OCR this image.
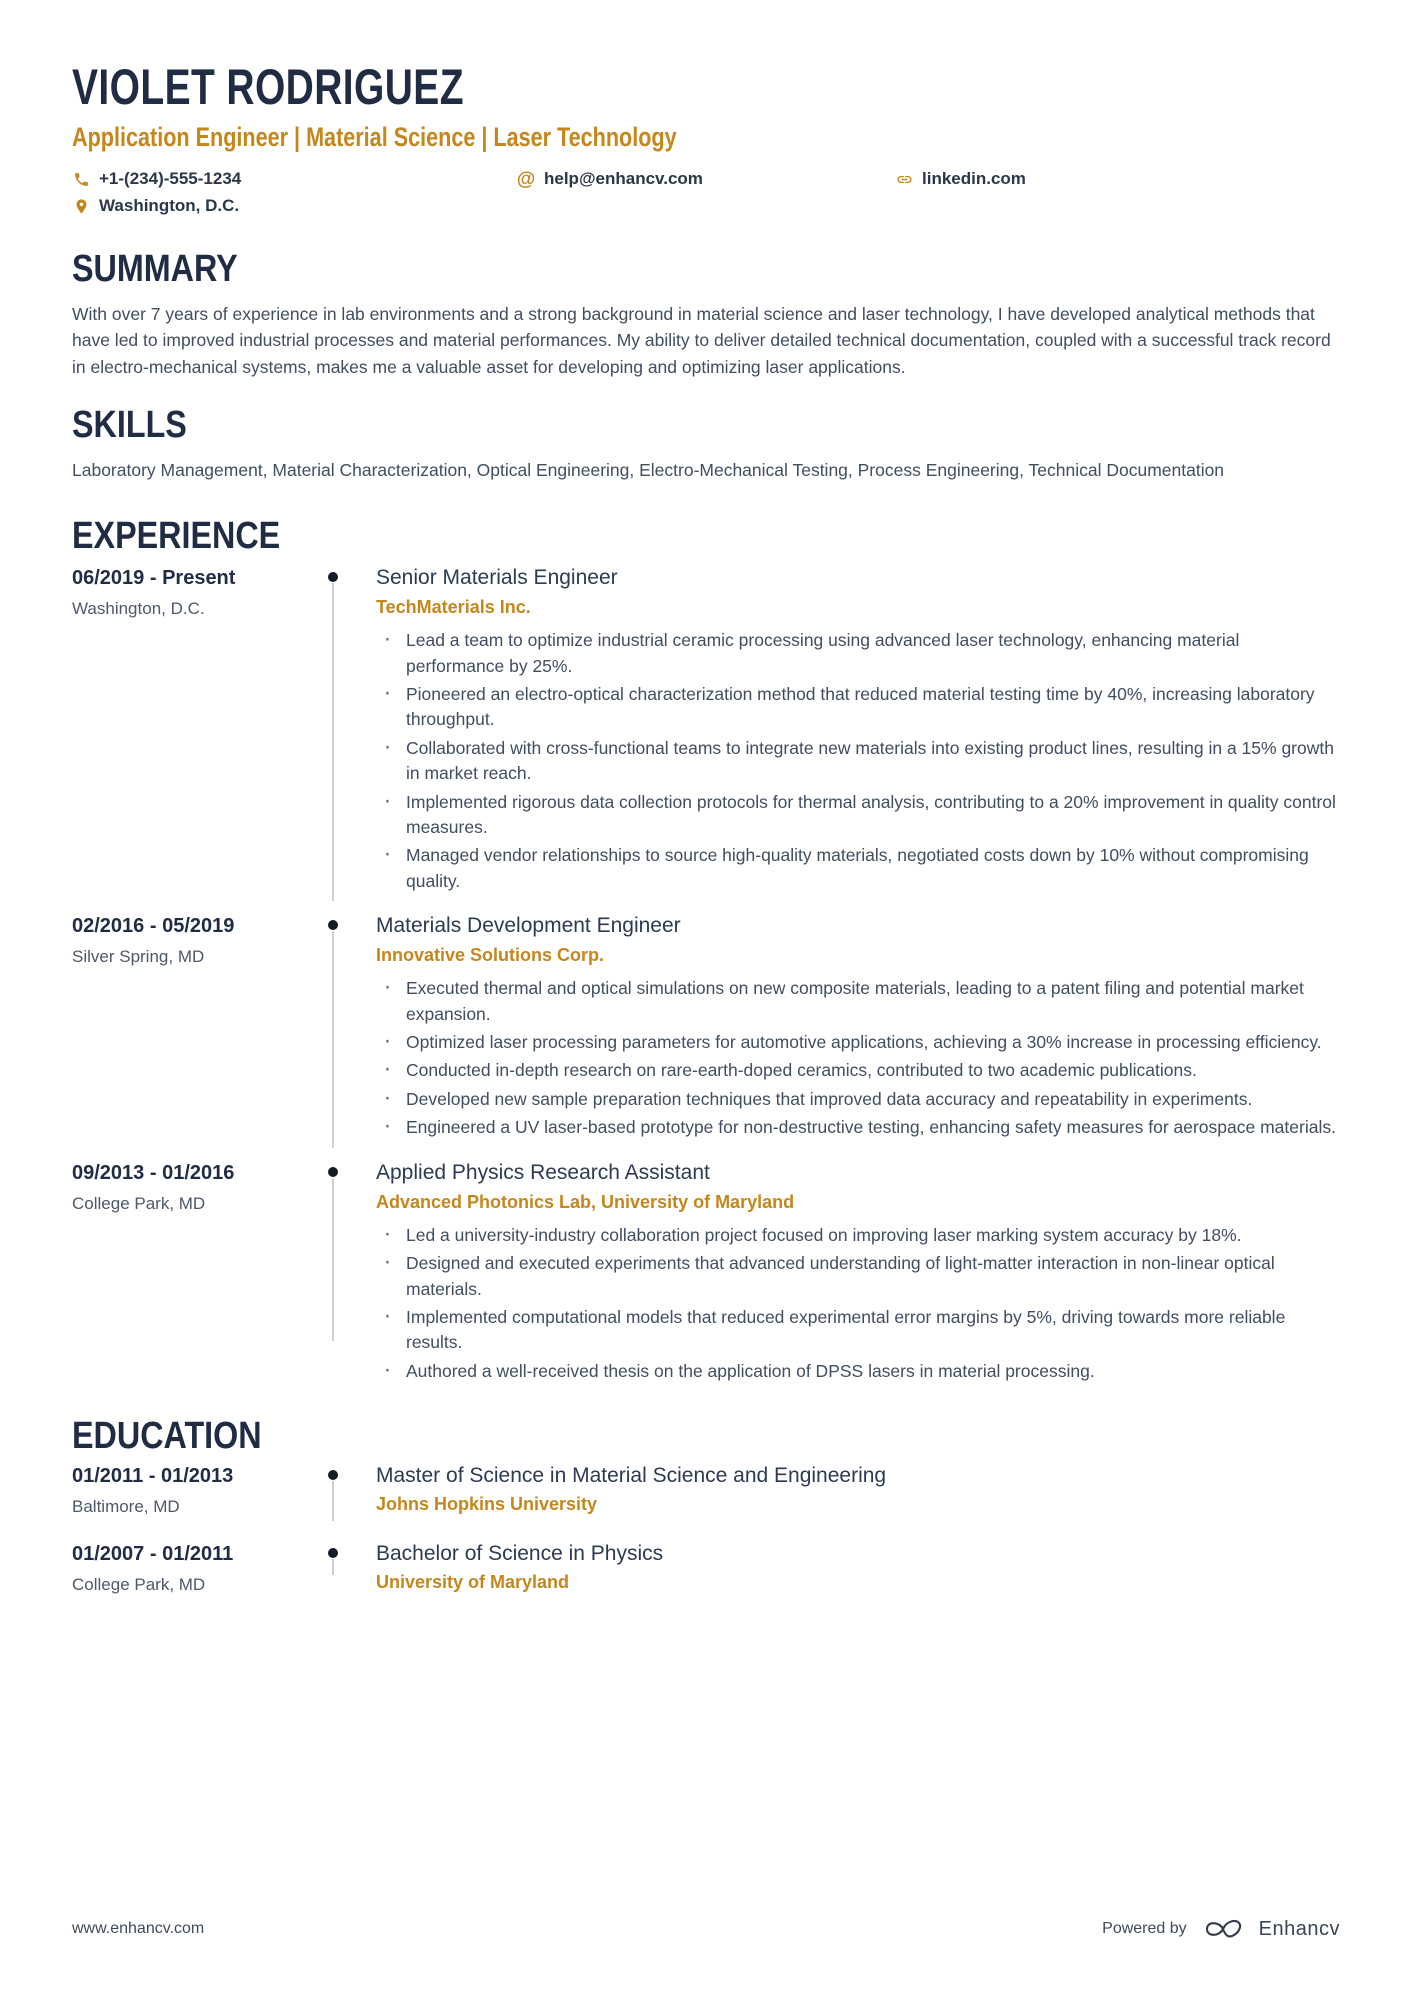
VIOLET RODRIGUEZ
Application Engineer | Material Science | Laser Technology
+1-(234)-555-1234	@ help@enhancv.com	linkedin.com
Washington, D.C.
SUMMARY

With over 7 years of experience in lab environments and a strong background in material science and laser technology, I have developed analytical methods that have led to improved industrial processes and material performances. My ability to deliver detailed technical documentation, coupled with a successful track record in electro-mechanical systems, makes me a valuable asset for developing and optimizing laser applications.

SKILLS

Laboratory Management, Material Characterization, Optical Engineering, Electro-Mechanical Testing, Process Engineering, Technical Documentation

EXPERIENCE
06/2019 - Present
Washington, D.C.
Senior Materials Engineer
TechMaterials Inc.
· Lead a team to optimize industrial ceramic processing using advanced laser technology, enhancing material performance by 25%.
· Pioneered an electro-optical characterization method that reduced material testing time by 40%, increasing laboratory throughput.
· Collaborated with cross-functional teams to integrate new materials into existing product lines, resulting in a 15% growth in market reach.
· Implemented rigorous data collection protocols for thermal analysis, contributing to a 20% improvement in quality control measures.
· Managed vendor relationships to source high-quality materials, negotiated costs down by 10% without compromising quality.
02/2016 - 05/2019
Silver Spring, MD
Materials Development Engineer
Innovative Solutions Corp.
· Executed thermal and optical simulations on new composite materials, leading to a patent filing and potential market expansion.
· Optimized laser processing parameters for automotive applications, achieving a 30% increase in processing efficiency.
· Conducted in-depth research on rare-earth-doped ceramics, contributed to two academic publications.
· Developed new sample preparation techniques that improved data accuracy and repeatability in experiments.
· Engineered a UV laser-based prototype for non-destructive testing, enhancing safety measures for aerospace materials.
09/2013 - 01/2016
College Park, MD
Applied Physics Research Assistant
Advanced Photonics Lab, University of Maryland
· Led a university-industry collaboration project focused on improving laser marking system accuracy by 18%.
· Designed and executed experiments that advanced understanding of light-matter interaction in non-linear optical materials.
· Implemented computational models that reduced experimental error margins by 5%, driving towards more reliable results.
· Authored a well-received thesis on the application of DPSS lasers in material processing.
EDUCATION
01/2011 - 01/2013
Baltimore, MD
Master of Science in Material Science and Engineering
Johns Hopkins University
01/2007 - 01/2011
College Park, MD
Bachelor of Science in Physics
University of Maryland
www.enhancv.com	Powered by	Enhancv
